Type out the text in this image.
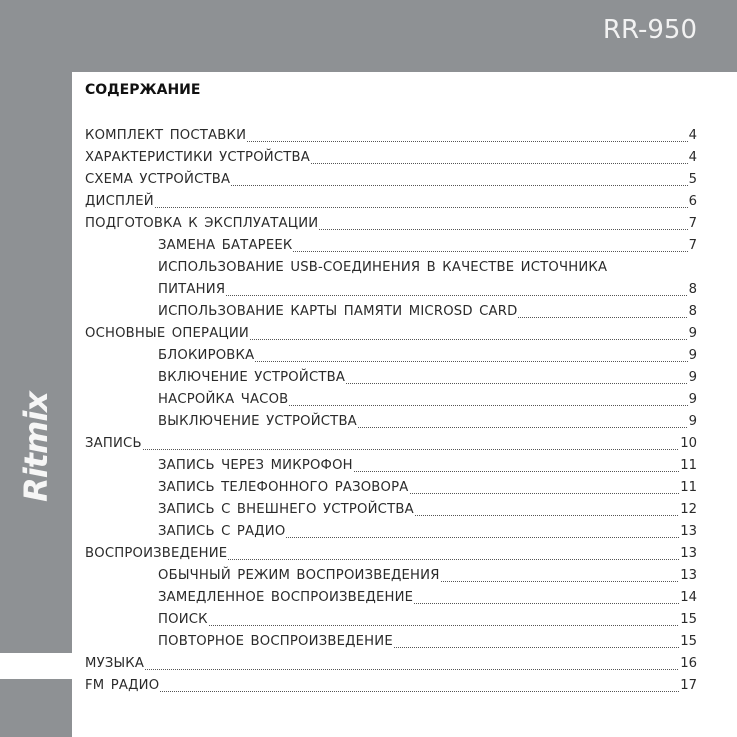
RR-950
Ritmix
СОДЕРЖАНИЕ
КОМПЛЕКТ ПОСТАВКИ	4
ХАРАКТЕРИСТИКИ УСТРОЙСТВА	4
СХЕМА УСТРОЙСТВА	5
ДИСПЛЕЙ	6
ПОДГОТОВКА К ЭКСПЛУАТАЦИИ	7
ЗАМЕНА БАТАРЕЕК	7
ИСПОЛЬЗОВАНИЕ USB-СОЕДИНЕНИЯ В КАЧЕСТВЕ ИСТОЧНИКА
ПИТАНИЯ	8
ИСПОЛЬЗОВАНИЕ КАРТЫ ПАМЯТИ MICROSD CARD	8
ОСНОВНЫЕ ОПЕРАЦИИ	9
БЛОКИРОВКА	9
ВКЛЮЧЕНИЕ УСТРОЙСТВА	9
НАСРОЙКА ЧАСОВ	9
ВЫКЛЮЧЕНИЕ УСТРОЙСТВА	9
ЗАПИСЬ	10
ЗАПИСЬ ЧЕРЕЗ МИКРОФОН	11
ЗАПИСЬ ТЕЛЕФОННОГО РАЗОВОРА	11
ЗАПИСЬ С ВНЕШНЕГО УСТРОЙСТВА	12
ЗАПИСЬ С РАДИО	13
ВОСПРОИЗВЕДЕНИЕ	13
ОБЫЧНЫЙ РЕЖИМ ВОСПРОИЗВЕДЕНИЯ	13
ЗАМЕДЛЕННОЕ ВОСПРОИЗВЕДЕНИЕ	14
ПОИСК	15
ПОВТОРНОЕ ВОСПРОИЗВЕДЕНИЕ	15
МУЗЫКА	16
FM РАДИО	17
